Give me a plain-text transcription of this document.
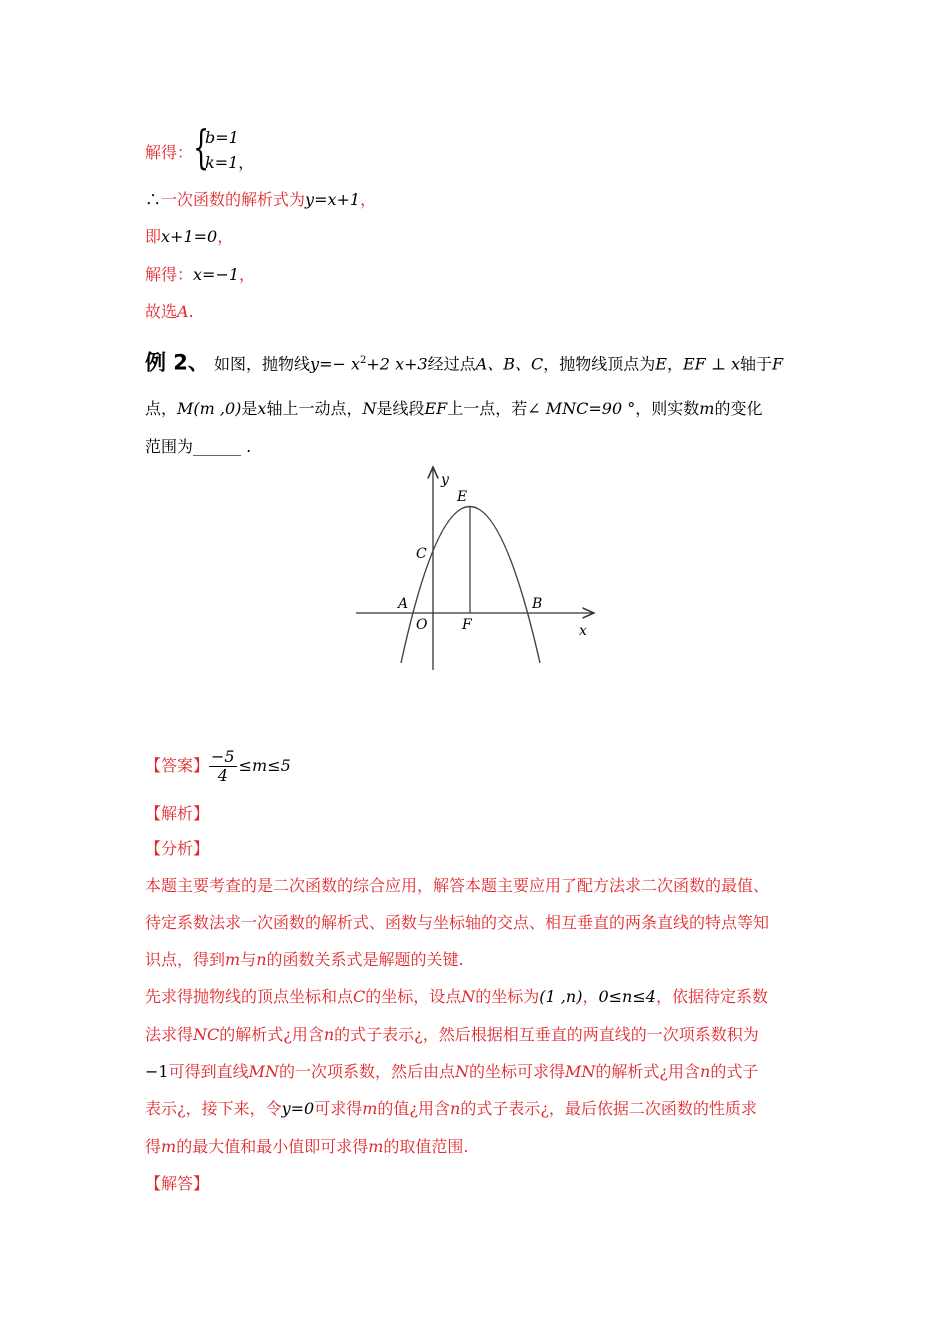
解得： {
b=1
k=1，
∴一次函数的解析式为y=x+1，
即x+1=0，
解得：x=−1，
故选A.
例 2、 如图，抛物线$y=- x^2+2$ x+3经过点A、B、C，抛物线顶点为E，EF ⊥ x轴于F
点，M(m ,0)是x轴上一动点，N是线段EF上一点，若∠ MNC=90 °，则实数m的变化
范围为______ .
y
E
C
A	B
O F	x
【答案】 $\frac{-5}{4} \le m\le 5$
【解析】
【分析】
本题主要考查的是二次函数的综合应用，解答本题主要应用了配方法求二次函数的最值、
待定系数法求一次函数的解析式、函数与坐标轴的交点、相互垂直的两条直线的特点等知
识点，得到m与n的函数关系式是解题的关键.
先求得抛物线的顶点坐标和点C的坐标，设点N的坐标为(1 ,n)，0≤n≤4，依据待定系数
法求得NC的解析式¿用含n的式子表示¿，然后根据相互垂直的两直线的一次项系数积为
−1可得到直线MN的一次项系数，然后由点N的坐标可求得MN的解析式¿用含n的式子
表示¿，接下来，令y=0可求得m的值¿用含n的式子表示¿，最后依据二次函数的性质求
得m的最大值和最小值即可求得m的取值范围.
【解答】
